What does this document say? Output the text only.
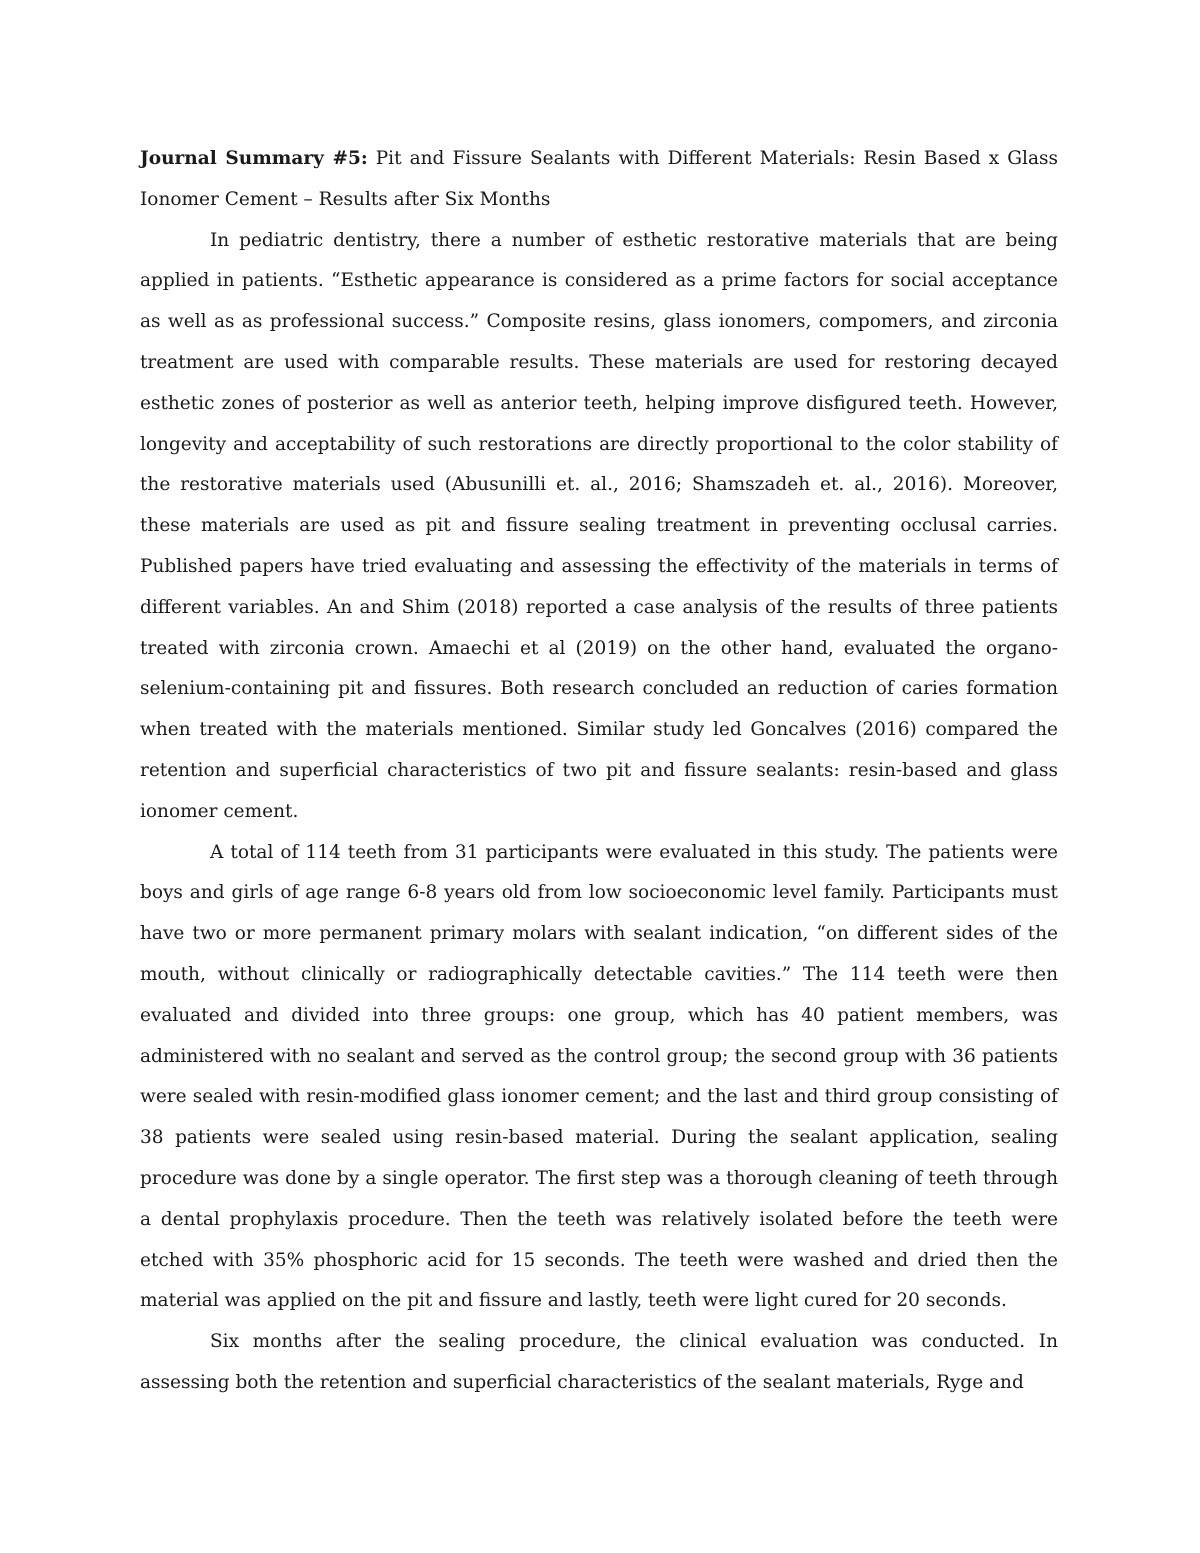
Journal Summary #5: Pit and Fissure Sealants with Different Materials: Resin Based x Glass Ionomer Cement – Results after Six Months

In pediatric dentistry, there a number of esthetic restorative materials that are being applied in patients. “Esthetic appearance is considered as a prime factors for social acceptance as well as as professional success.” Composite resins, glass ionomers, compomers, and zirconia treatment are used with comparable results. These materials are used for restoring decayed esthetic zones of posterior as well as anterior teeth, helping improve disfigured teeth. However, longevity and acceptability of such restorations are directly proportional to the color stability of the restorative materials used (Abusunilli et. al., 2016; Shamszadeh et. al., 2016). Moreover, these materials are used as pit and fissure sealing treatment in preventing occlusal carries. Published papers have tried evaluating and assessing the effectivity of the materials in terms of different variables. An and Shim (2018) reported a case analysis of the results of three patients treated with zirconia crown. Amaechi et al (2019) on the other hand, evaluated the organo-selenium-containing pit and fissures. Both research concluded an reduction of caries formation when treated with the materials mentioned. Similar study led Goncalves (2016) compared the retention and superficial characteristics of two pit and fissure sealants: resin-based and glass ionomer cement.

A total of 114 teeth from 31 participants were evaluated in this study. The patients were boys and girls of age range 6-8 years old from low socioeconomic level family. Participants must have two or more permanent primary molars with sealant indication, “on different sides of the mouth, without clinically or radiographically detectable cavities.” The 114 teeth were then evaluated and divided into three groups: one group, which has 40 patient members, was administered with no sealant and served as the control group; the second group with 36 patients were sealed with resin-modified glass ionomer cement; and the last and third group consisting of 38 patients were sealed using resin-based material. During the sealant application, sealing procedure was done by a single operator. The first step was a thorough cleaning of teeth through a dental prophylaxis procedure. Then the teeth was relatively isolated before the teeth were etched with 35% phosphoric acid for 15 seconds. The teeth were washed and dried then the material was applied on the pit and fissure and lastly, teeth were light cured for 20 seconds.

Six months after the sealing procedure, the clinical evaluation was conducted. In assessing both the retention and superficial characteristics of the sealant materials, Ryge and
